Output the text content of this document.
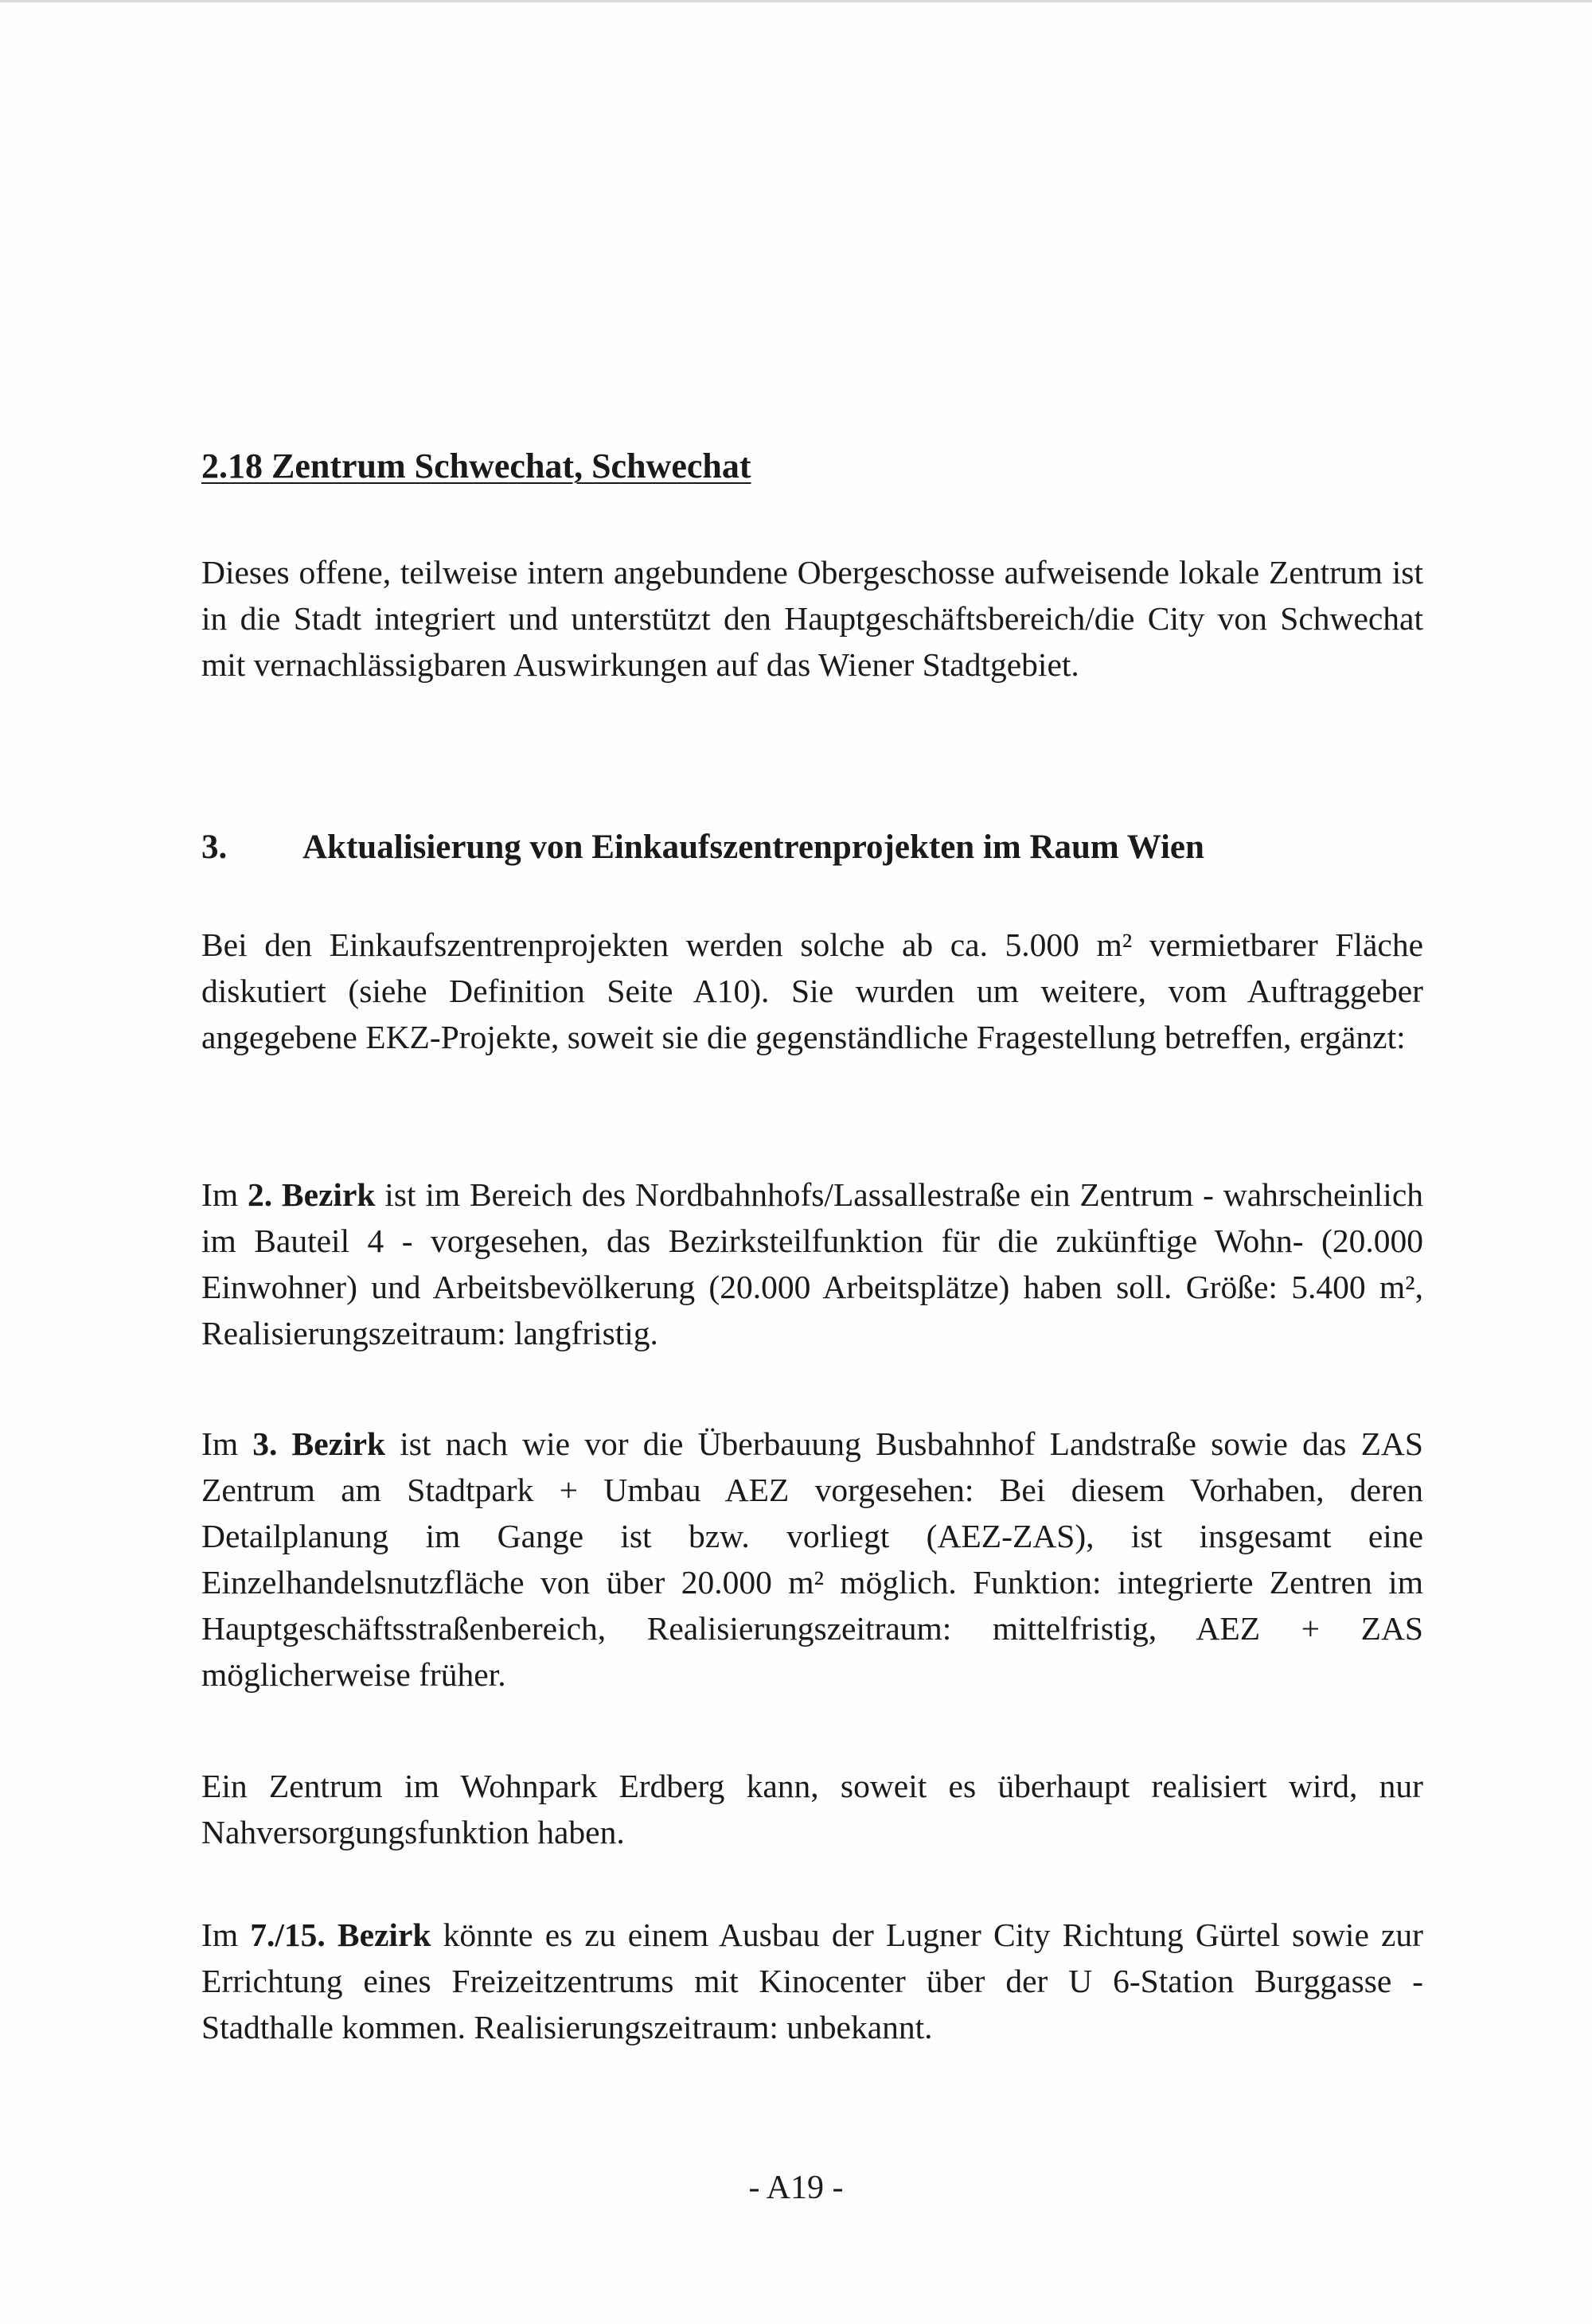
2.18 Zentrum Schwechat, Schwechat

Dieses offene, teilweise intern angebundene Obergeschosse aufweisende lokale Zentrum ist in die Stadt integriert und unterstützt den Hauptgeschäftsbereich/die City von Schwechat mit vernachlässigbaren Auswirkungen auf das Wiener Stadtgebiet.

3.	Aktualisierung von Einkaufszentrenprojekten im Raum Wien

Bei den Einkaufszentrenprojekten werden solche ab ca. 5.000 m² vermietbarer Fläche diskutiert (siehe Definition Seite A10). Sie wurden um weitere, vom Auftraggeber angegebene EKZ-Projekte, soweit sie die gegenständliche Fragestellung betreffen, ergänzt:

Im 2. Bezirk ist im Bereich des Nordbahnhofs/Lassallestraße ein Zentrum - wahrscheinlich im Bauteil 4 - vorgesehen, das Bezirksteilfunktion für die zukünftige Wohn- (20.000 Einwohner) und Arbeitsbevölkerung (20.000 Arbeitsplätze) haben soll. Größe: 5.400 m², Realisierungszeitraum: langfristig.

Im 3. Bezirk ist nach wie vor die Überbauung Busbahnhof Landstraße sowie das ZAS Zentrum am Stadtpark + Umbau AEZ vorgesehen: Bei diesem Vorhaben, deren Detailplanung im Gange ist bzw. vorliegt (AEZ-ZAS), ist insgesamt eine Einzelhandelsnutzfläche von über 20.000 m² möglich. Funktion: integrierte Zentren im Hauptgeschäftsstraßenbereich, Realisierungszeitraum: mittelfristig, AEZ + ZAS möglicherweise früher.

Ein Zentrum im Wohnpark Erdberg kann, soweit es überhaupt realisiert wird, nur Nahversorgungsfunktion haben.

Im 7./15. Bezirk könnte es zu einem Ausbau der Lugner City Richtung Gürtel sowie zur Errichtung eines Freizeitzentrums mit Kinocenter über der U 6-Station Burggasse - Stadthalle kommen. Realisierungszeitraum: unbekannt.

- A19 -
